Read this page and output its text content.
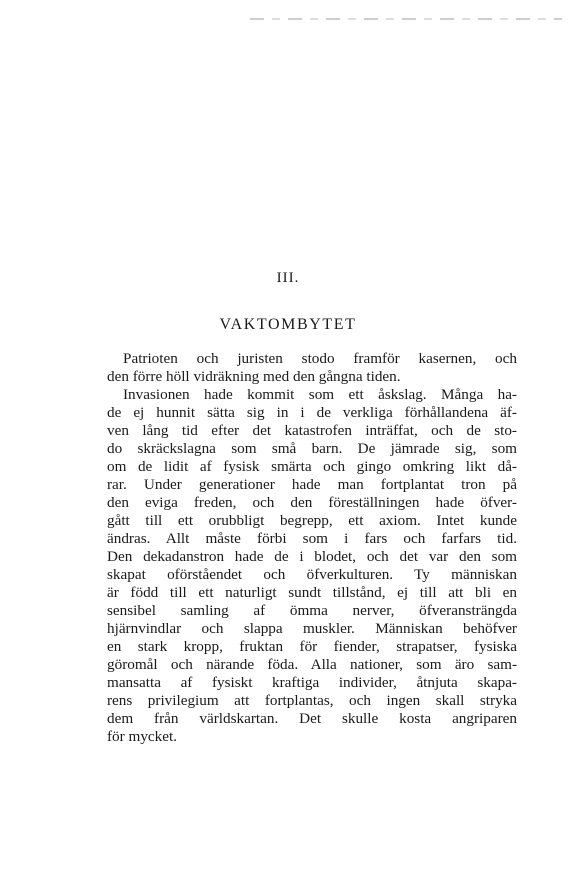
III.
VAKTOMBYTET
Patrioten och juristen stodo framför kasernen, och
den förre höll vidräkning med den gångna tiden.
Invasionen hade kommit som ett åskslag. Många ha-
de ej hunnit sätta sig in i de verkliga förhållandena äf-
ven lång tid efter det katastrofen inträffat, och de sto-
do skräckslagna som små barn. De jämrade sig, som
om de lidit af fysisk smärta och gingo omkring likt då-
rar. Under generationer hade man fortplantat tron på
den eviga freden, och den föreställningen hade öfver-
gått till ett orubbligt begrepp, ett axiom. Intet kunde
ändras. Allt måste förbi som i fars och farfars tid.
Den dekadanstron hade de i blodet, och det var den som
skapat oförståendet och öfverkulturen. Ty människan
är född till ett naturligt sundt tillstånd, ej till att bli en
sensibel samling af ömma nerver, öfveransträngda
hjärnvindlar och slappa muskler. Människan behöfver
en stark kropp, fruktan för fiender, strapatser, fysiska
göromål och närande föda. Alla nationer, som äro sam-
mansatta af fysiskt kraftiga individer, åtnjuta skapa-
rens privilegium att fortplantas, och ingen skall stryka
dem från världskartan. Det skulle kosta angriparen
för mycket.
